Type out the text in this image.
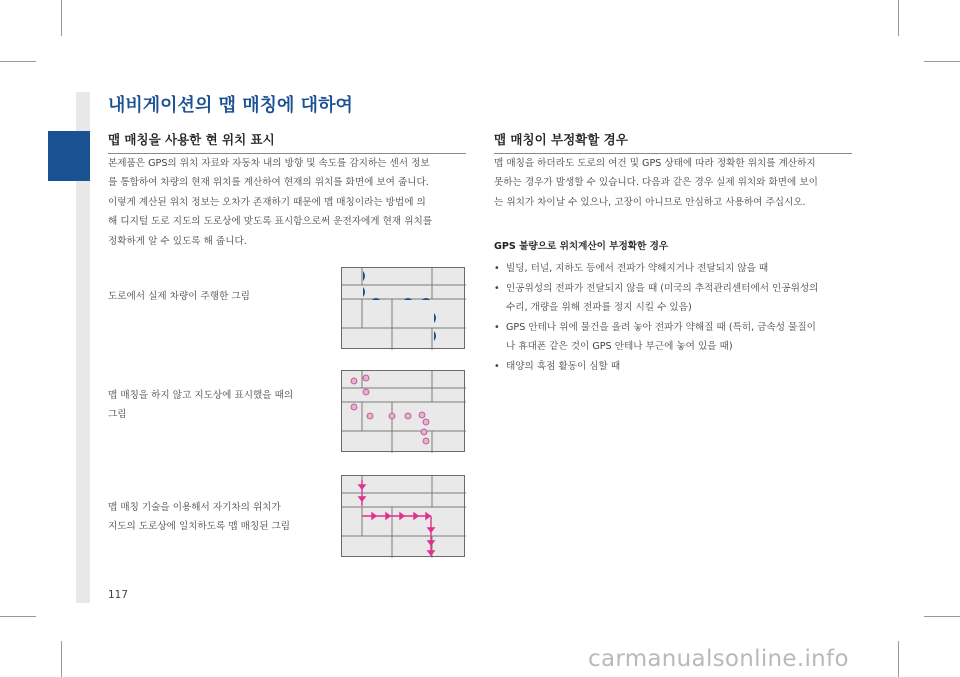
내비게이션의 맵 매칭에 대하여
맵 매칭을 사용한 현 위치 표시
본제품은 GPS의 위치 자료와 자동차 내의 방향 및 속도를 감지하는 센서 정보
를 통합하여 차량의 현재 위치를 계산하여 현재의 위치를 화면에 보여 줍니다.
이렇게 계산된 위치 정보는 오차가 존재하기 때문에 맵 매칭이라는 방법에 의
해 디지털 도로 지도의 도로상에 맞도록 표시함으로써 운전자에게 현재 위치를
정확하게 알 수 있도록 해 줍니다.
도로에서 실제 차량이 주행한 그림
맵 매칭을 하지 않고 지도상에 표시했을 때의
그림
맵 매칭 기술을 이용해서 자기차의 위치가
지도의 도로상에 일치하도록 맵 매칭된 그림
맵 매칭이 부정확할 경우
맵 매칭을 하더라도 도로의 여건 및 GPS 상태에 따라 정확한 위치를 계산하지
못하는 경우가 발생할 수 있습니다. 다음과 같은 경우 실제 위치와 화면에 보이
는 위치가 차이날 수 있으나, 고장이 아니므로 안심하고 사용하여 주십시오.
GPS 불량으로 위치계산이 부정확한 경우
• 빌딩, 터널, 지하도 등에서 전파가 약해지거나 전달되지 않을 때
• 인공위성의 전파가 전달되지 않을 때 (미국의 추적관리센터에서 인공위성의
수리, 개량을 위해 전파를 정지 시킬 수 있음)
• GPS 안테나 위에 물건을 올려 놓아 전파가 약해질 때 (특히, 금속성 물질이
나 휴대폰 같은 것이 GPS 안테나 부근에 놓여 있을 때)
• 태양의 흑점 활동이 심할 때
117
carmanualsonline.info
